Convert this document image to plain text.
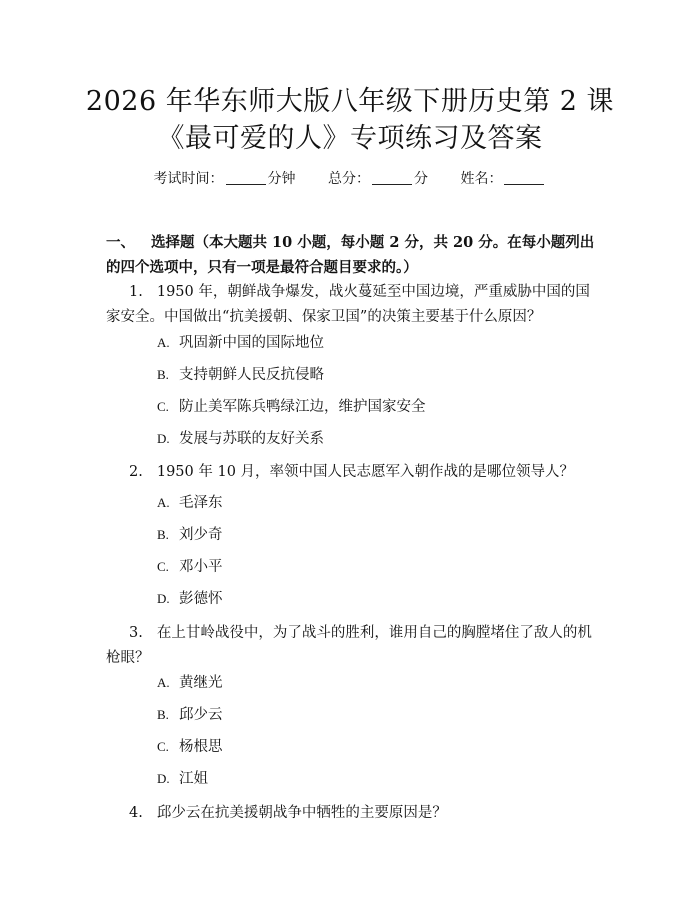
2026 年华东师大版八年级下册历史第 2 课
《最可爱的人》专项练习及答案
考试时间：	分钟 总分：	分 姓名：
一、 选择题（本大题共 10 小题，每小题 2 分，共 20 分。在每小题列出的四个选项中，只有一项是最符合题目要求的。）
1. 1950 年，朝鲜战争爆发，战火蔓延至中国边境，严重威胁中国的国家安全。中国做出“抗美援朝、保家卫国”的决策主要基于什么原因？
A. 巩固新中国的国际地位
B. 支持朝鲜人民反抗侵略
C. 防止美军陈兵鸭绿江边，维护国家安全
D. 发展与苏联的友好关系
2. 1950 年 10 月，率领中国人民志愿军入朝作战的是哪位领导人？
A. 毛泽东
B. 刘少奇
C. 邓小平
D. 彭德怀
3. 在上甘岭战役中，为了战斗的胜利，谁用自己的胸膛堵住了敌人的机枪眼？
A. 黄继光
B. 邱少云
C. 杨根思
D. 江姐
4. 邱少云在抗美援朝战争中牺牲的主要原因是？
